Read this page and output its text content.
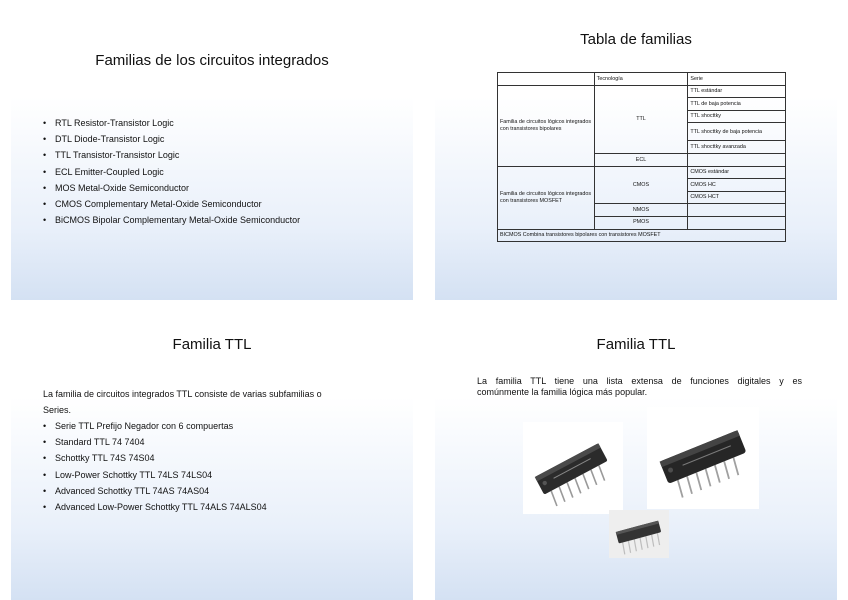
Familias de los circuitos integrados
• RTL Resistor-Transistor Logic
• DTL Diode-Transistor Logic
• TTL Transistor-Transistor Logic
• ECL Emitter-Coupled Logic
• MOS Metal-Oxide Semiconductor
• CMOS Complementary Metal-Oxide Semiconductor
• BiCMOS Bipolar Complementary Metal-Oxide Semiconductor
Tabla de familias
	Tecnología	Serie
Familia de circuitos lógicos integrados con transistores bipolares	TTL	TTL estándar
		TTL de baja potencia
		TTL shocttky
		TTL shocttky de baja potencia
		TTL shocttky avanzada
	ECL	
Familia de circuitos lógicos integrados con transistores MOSFET	CMOS	CMOS estándar
		CMOS HC
		CMOS HCT
	NMOS	
	PMOS	
BICMOS Combina transistores bipolares con transistores MOSFET		
Familia TTL
La familia de circuitos integrados TTL consiste de varias subfamilias o
Series.
• Serie TTL Prefijo Negador con 6 compuertas
• Standard TTL 74 7404
• Schottky TTL 74S 74S04
• Low-Power Schottky TTL 74LS 74LS04
• Advanced Schottky TTL 74AS 74AS04
• Advanced Low-Power Schottky TTL 74ALS 74ALS04
Familia TTL
La familia TTL tiene una lista extensa de funciones digitales y es
comúnmente la familia lógica más popular.
